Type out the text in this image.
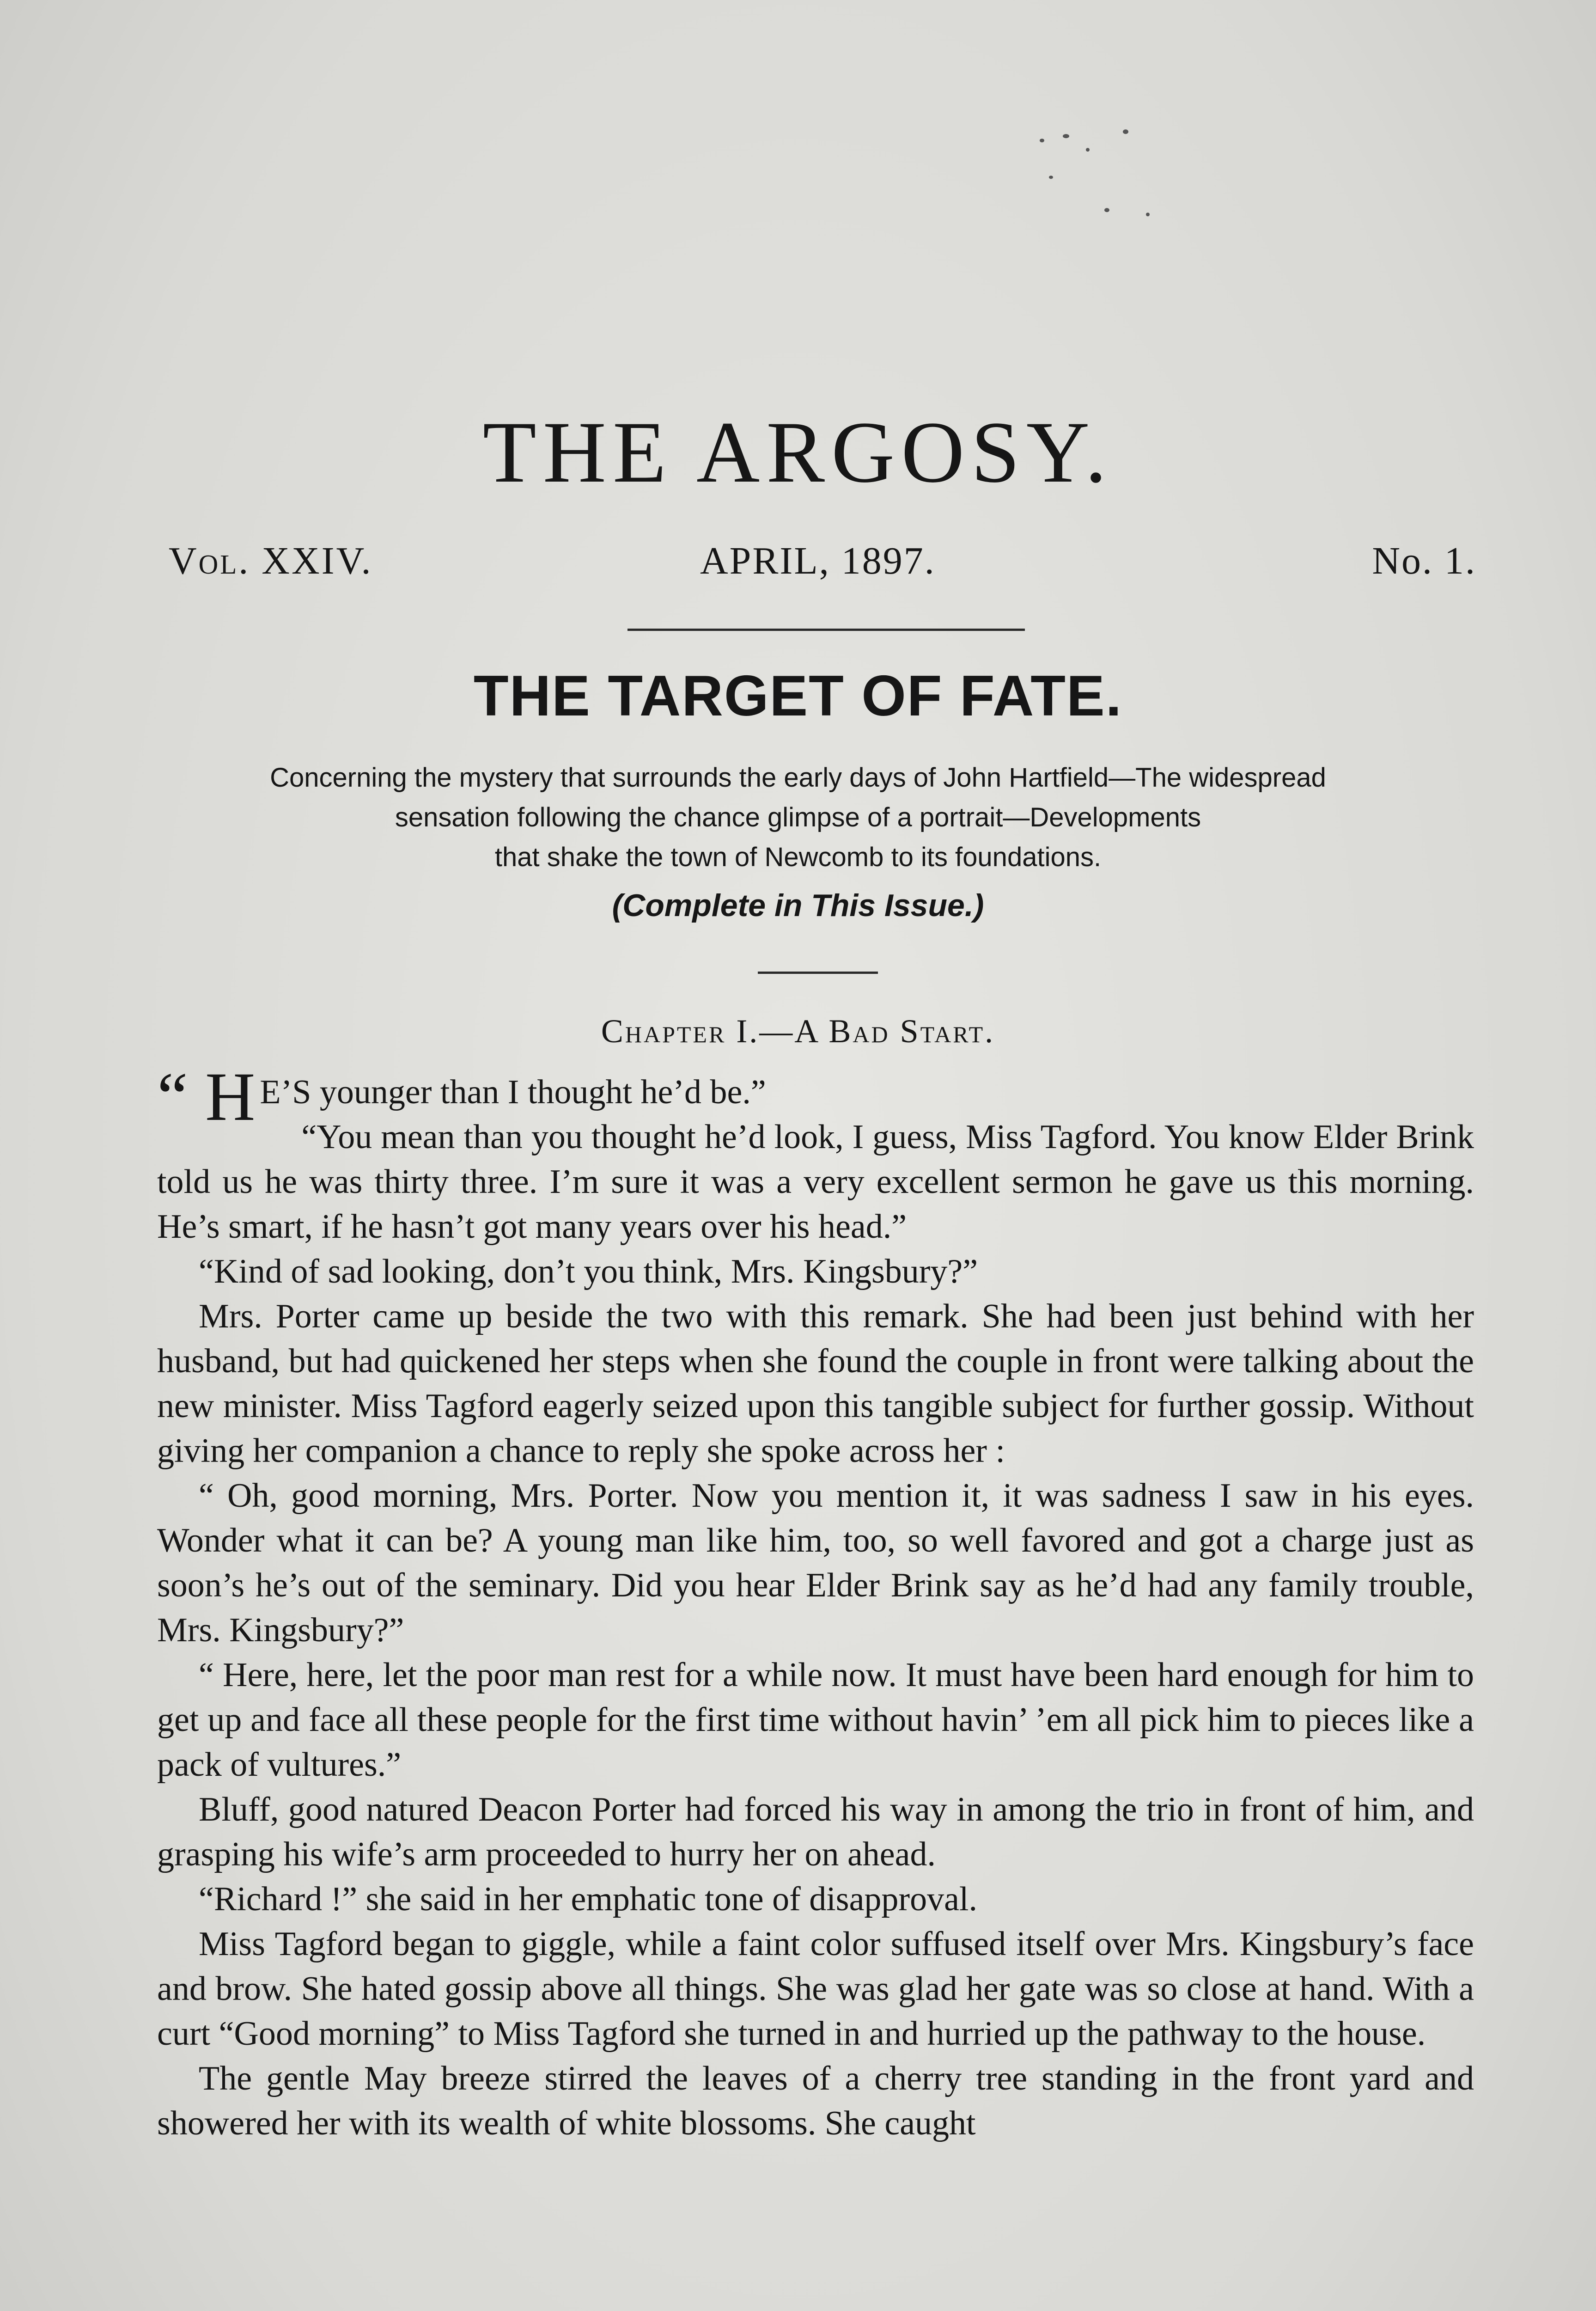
THE ARGOSY.
Vol. XXIV.	APRIL, 1897.	No. 1.
THE TARGET OF FATE.
Concerning the mystery that surrounds the early days of John Hartfield—The widespread
sensation following the chance glimpse of a portrait—Developments
that shake the town of Newcomb to its foundations.
(Complete in This Issue.)
Chapter I.—A Bad Start.

“ H E’S younger than I thought he’d be.”

“You mean than you thought he’d look, I guess, Miss Tagford. You know Elder Brink told us he was thirty three. I’m sure it was a very excellent sermon he gave us this morning. He’s smart, if he hasn’t got many years over his head.”

“Kind of sad looking, don’t you think, Mrs. Kingsbury?”

Mrs. Porter came up beside the two with this remark. She had been just behind with her husband, but had quickened her steps when she found the couple in front were talking about the new minister. Miss Tagford eagerly seized upon this tangible subject for further gossip. Without giving her companion a chance to reply she spoke across her :

“ Oh, good morning, Mrs. Porter. Now you mention it, it was sadness I saw in his eyes. Wonder what it can be? A young man like him, too, so well favored and got a charge just as soon’s he’s out of the seminary. Did you hear Elder Brink say as he’d had any family trouble, Mrs. Kingsbury?”

“ Here, here, let the poor man rest for a while now. It must have been hard enough for him to get up and face all these people for the first time without havin’ ’em all pick him to pieces like a pack of vultures.”

Bluff, good natured Deacon Porter had forced his way in among the trio in front of him, and grasping his wife’s arm proceeded to hurry her on ahead.

“Richard !” she said in her emphatic tone of disapproval.

Miss Tagford began to giggle, while a faint color suffused itself over Mrs. Kingsbury’s face and brow. She hated gossip above all things. She was glad her gate was so close at hand. With a curt “Good morning” to Miss Tagford she turned in and hurried up the pathway to the house.

The gentle May breeze stirred the leaves of a cherry tree standing in the front yard and showered her with its wealth of white blossoms. She caught
